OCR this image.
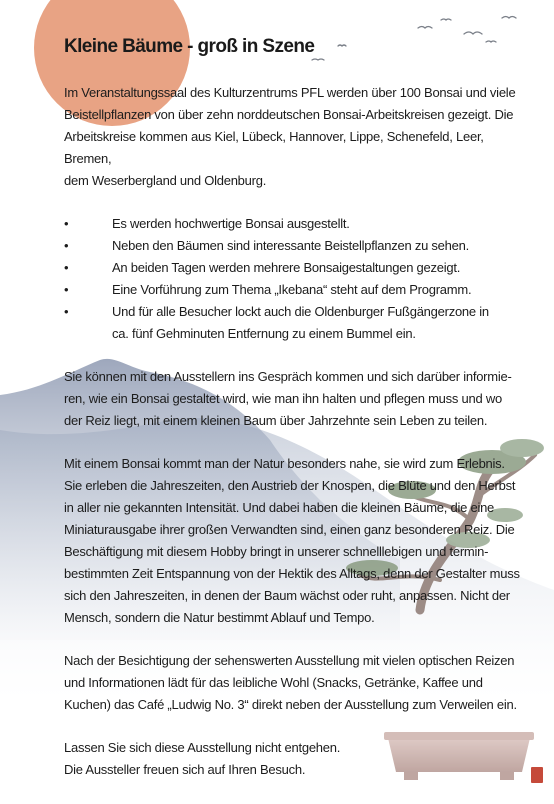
Kleine Bäume - groß in Szene

Im Veranstaltungssaal des Kulturzentrums PFL werden über 100 Bonsai und viele
Beistellpflanzen von über zehn norddeutschen Bonsai-Arbeitskreisen gezeigt. Die
Arbeitskreise kommen aus Kiel, Lübeck, Hannover, Lippe, Schenefeld, Leer, Bremen,
dem Weserbergland und Oldenburg.

•	Es werden hochwertige Bonsai ausgestellt.
•	Neben den Bäumen sind interessante Beistellpflanzen zu sehen.
•	An beiden Tagen werden mehrere Bonsaigestaltungen gezeigt.
•	Eine Vorführung zum Thema „Ikebana“ steht auf dem Programm.
•	Und für alle Besucher lockt auch die Oldenburger Fußgängerzone in
ca. fünf Gehminuten Entfernung zu einem Bummel ein.

Sie können mit den Ausstellern ins Gespräch kommen und sich darüber informie-
ren, wie ein Bonsai gestaltet wird, wie man ihn halten und pflegen muss und wo
der Reiz liegt, mit einem kleinen Baum über Jahrzehnte sein Leben zu teilen.

Mit einem Bonsai kommt man der Natur besonders nahe, sie wird zum Erlebnis.
Sie erleben die Jahreszeiten, den Austrieb der Knospen, die Blüte und den Herbst
in aller nie gekannten Intensität. Und dabei haben die kleinen Bäume, die eine
Miniaturausgabe ihrer großen Verwandten sind, einen ganz besonderen Reiz. Die
Beschäftigung mit diesem Hobby bringt in unserer schnelllebigen und termin-
bestimmten Zeit Entspannung von der Hektik des Alltags, denn der Gestalter muss
sich den Jahreszeiten, in denen der Baum wächst oder ruht, anpassen. Nicht der
Mensch, sondern die Natur bestimmt Ablauf und Tempo.

Nach der Besichtigung der sehenswerten Ausstellung mit vielen optischen Reizen
und Informationen lädt für das leibliche Wohl (Snacks, Getränke, Kaffee und
Kuchen) das Café „Ludwig No. 3“ direkt neben der Ausstellung zum Verweilen ein.

Lassen Sie sich diese Ausstellung nicht entgehen.
Die Aussteller freuen sich auf Ihren Besuch.
